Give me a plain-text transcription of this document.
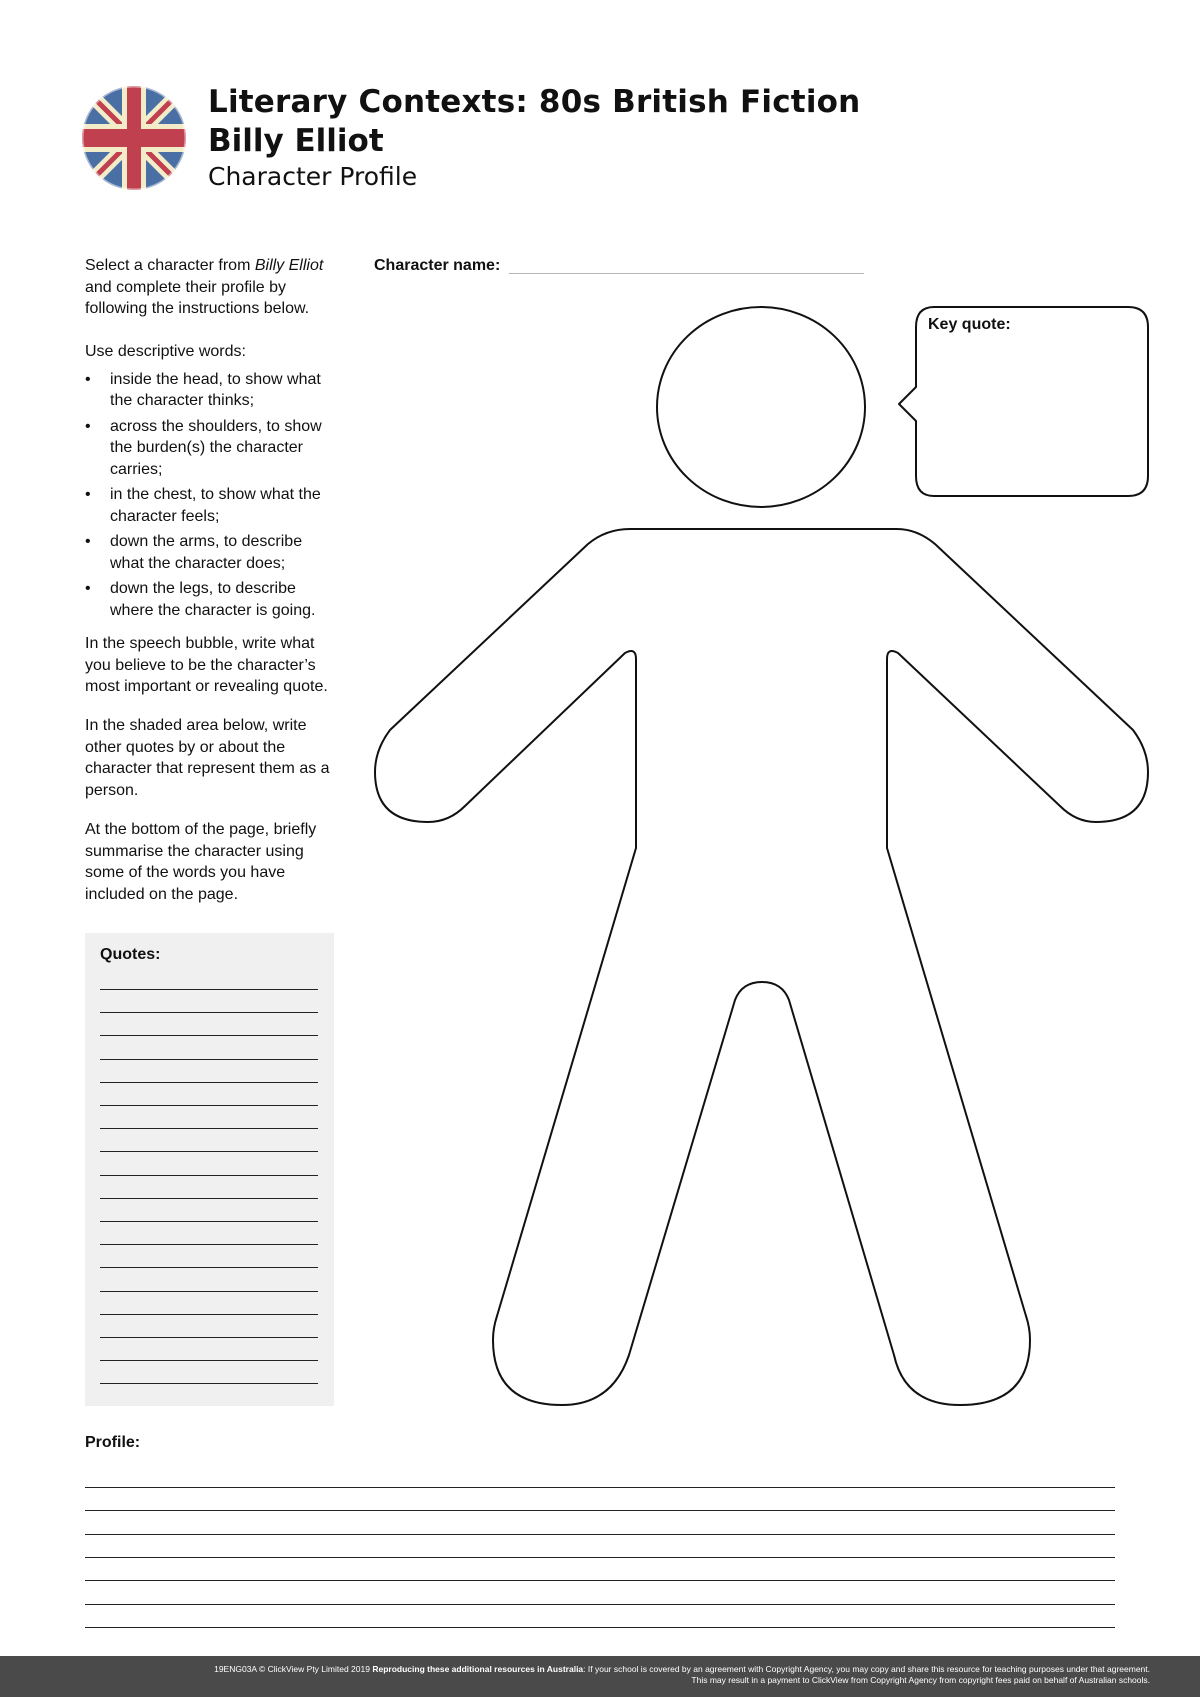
Literary Contexts: 80s British Fiction
Billy Elliot
Character Profile

Select a character from Billy Elliot and complete their profile by following the instructions below.

Use descriptive words:

• inside the head, to show what the character thinks;
• across the shoulders, to show the burden(s) the character carries;
• in the chest, to show what the character feels;
• down the arms, to describe what the character does;
• down the legs, to describe where the character is going.
In the speech bubble, write what you believe to be the character’s most important or revealing quote.
In the shaded area below, write other quotes by or about the character that represent them as a person.
At the bottom of the page, briefly summarise the character using some of the words you have included on the page.
Quotes:
Character name:
Key quote:
Profile:
19ENG03A © ClickView Pty Limited 2019 Reproducing these additional resources in Australia: If your school is covered by an agreement with Copyright Agency, you may copy and share this resource for teaching purposes under that agreement.
This may result in a payment to ClickView from Copyright Agency from copyright fees paid on behalf of Australian schools.
